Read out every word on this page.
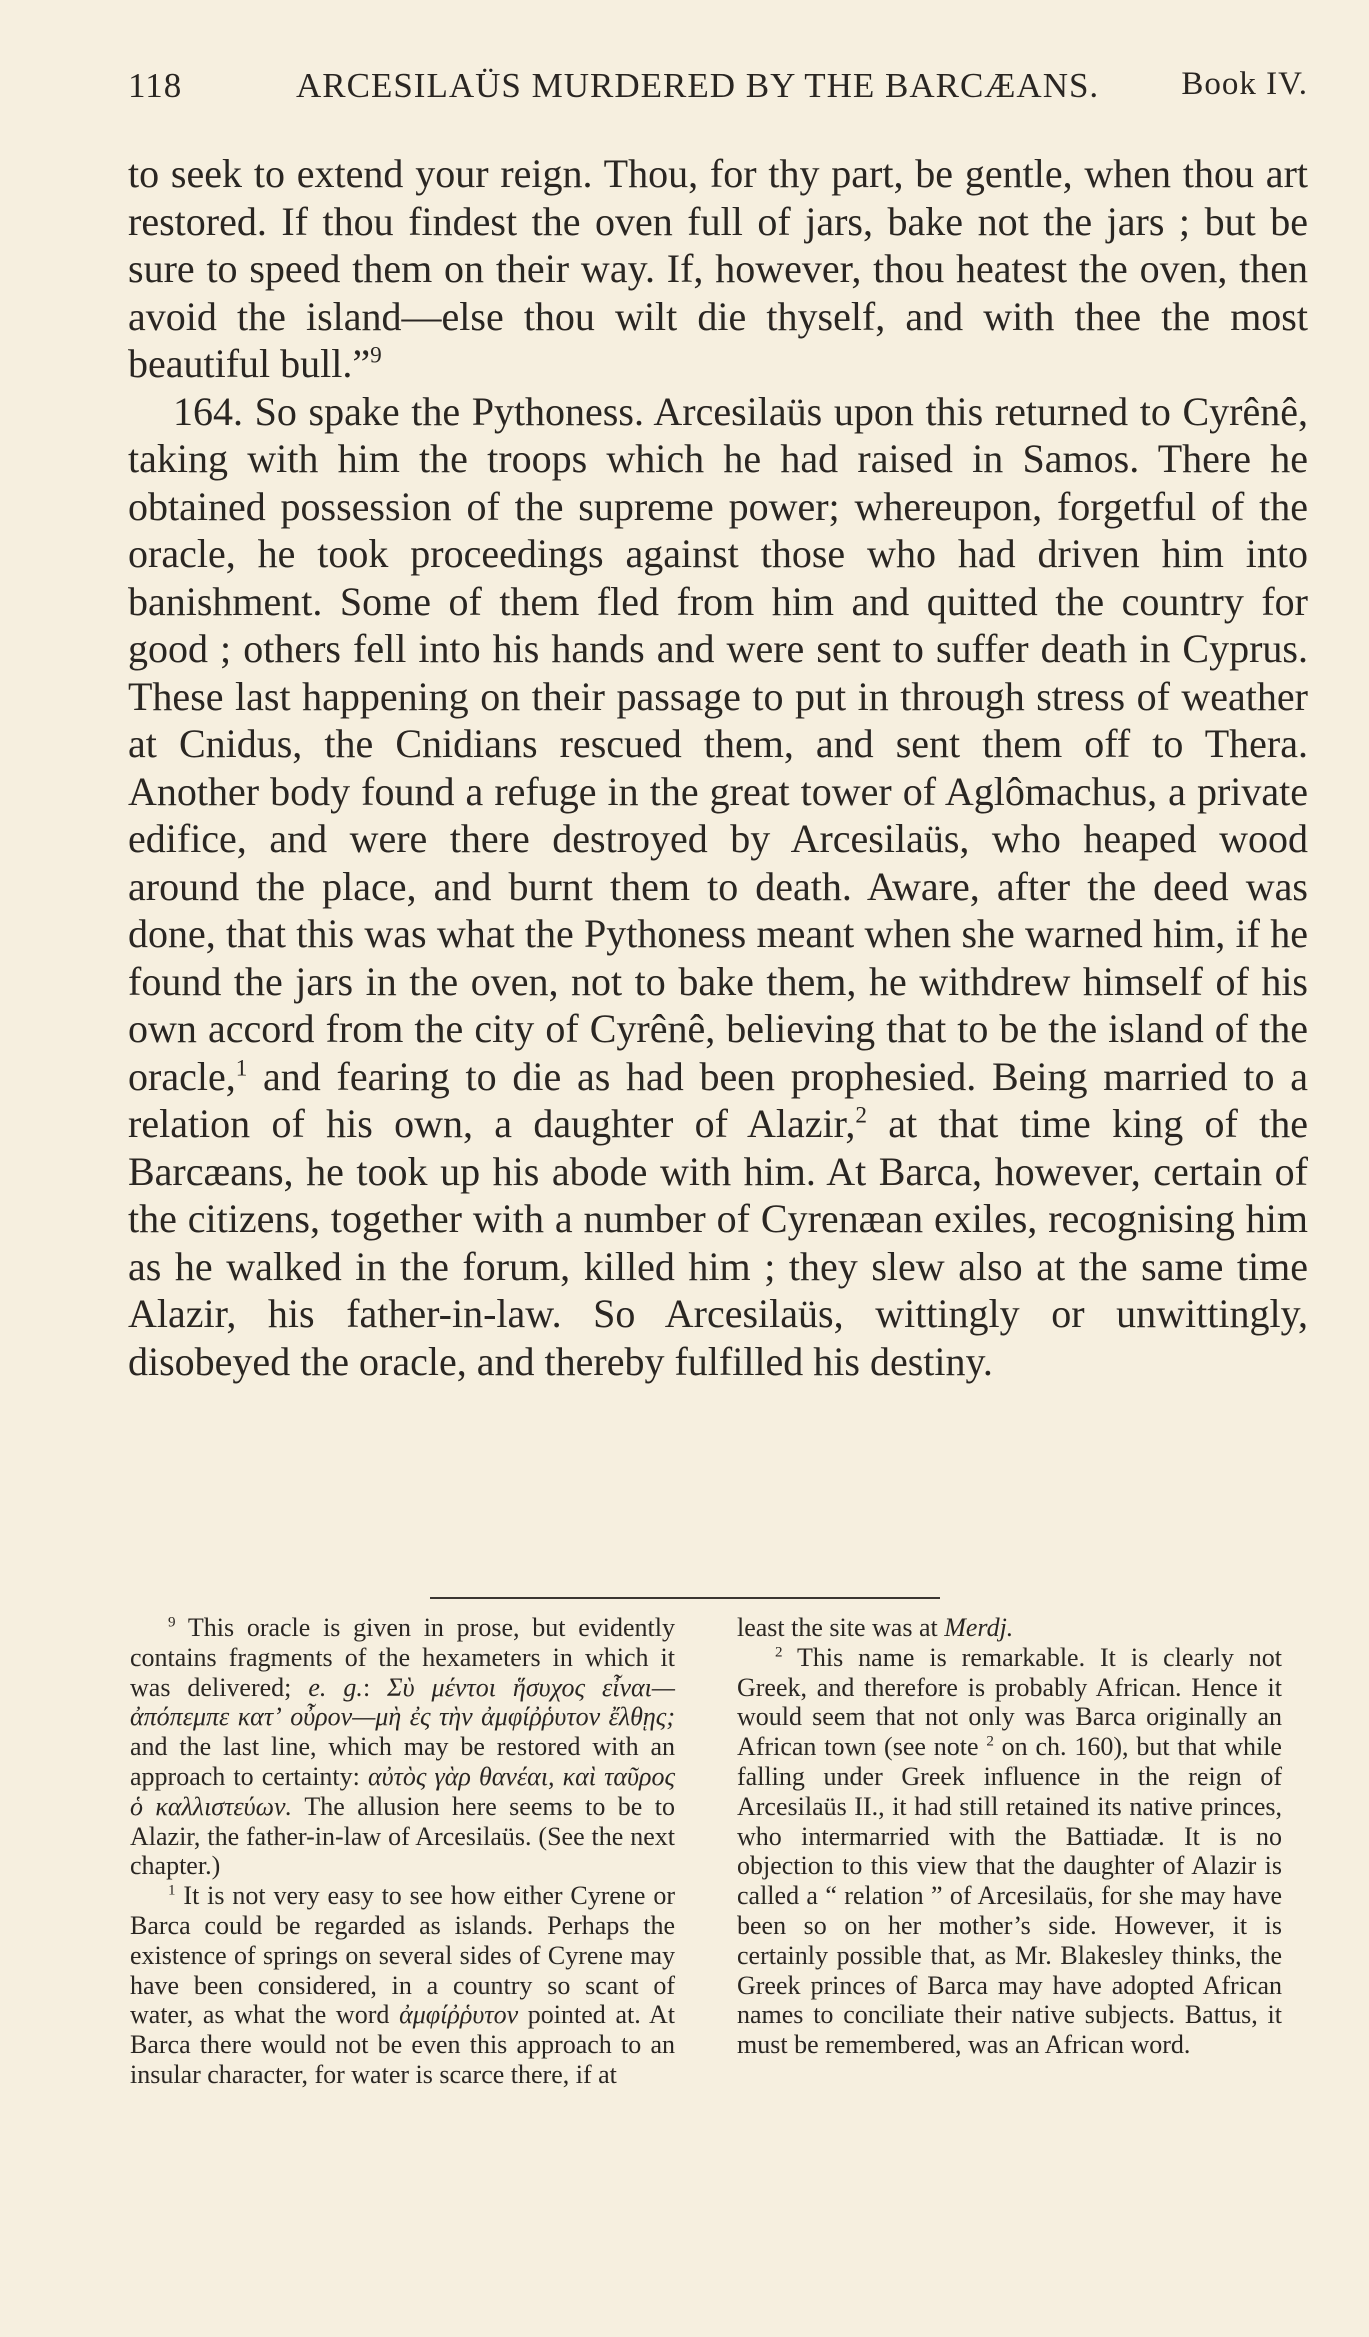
118	ARCESILAÜS MURDERED BY THE BARCÆANS. Book IV.

to seek to extend your reign. Thou, for thy part, be gentle, when thou art restored. If thou findest the oven full of jars, bake not the jars ; but be sure to speed them on their way. If, however, thou heatest the oven, then avoid the island—else thou wilt die thyself, and with thee the most beautiful bull.”$^9$

164. So spake the Pythoness. Arcesilaüs upon this returned to Cyrênê, taking with him the troops which he had raised in Samos. There he obtained possession of the supreme power; whereupon, forgetful of the oracle, he took proceedings against those who had driven him into banishment. Some of them fled from him and quitted the country for good ; others fell into his hands and were sent to suffer death in Cyprus. These last happening on their passage to put in through stress of weather at Cnidus, the Cnidians rescued them, and sent them off to Thera. Another body found a refuge in the great tower of Aglômachus, a private edifice, and were there destroyed by Arcesilaüs, who heaped wood around the place, and burnt them to death. Aware, after the deed was done, that this was what the Pythoness meant when she warned him, if he found the jars in the oven, not to bake them, he withdrew himself of his own accord from the city of Cyrênê, believing that to be the island of the oracle,$^1$ and fearing to die as had been prophesied. Being married to a relation of his own, a daughter of Alazir,$^2$ at that time king of the Barcæans, he took up his abode with him. At Barca, however, certain of the citizens, together with a number of Cyrenæan exiles, recognising him as he walked in the forum, killed him ; they slew also at the same time Alazir, his father-in-law. So Arcesilaüs, wittingly or unwittingly, disobeyed the oracle, and thereby fulfilled his destiny.

$^9$ This oracle is given in prose, but evidently contains fragments of the hexameters in which it was delivered; e. g.: Σὺ μέντοι ἥσυχος εἶναι—ἀπόπεμπε κατʼ οὖρον—μὴ ἐς τὴν ἀμφίῤῥυτον ἔλθῃς; and the last line, which may be restored with an approach to certainty: αὐτὸς γὰρ θανέαι, καὶ ταῦρος ὁ καλλιστεύων. The allusion here seems to be to Alazir, the father-in-law of Arcesilaüs. (See the next chapter.)

$^1$ It is not very easy to see how either Cyrene or Barca could be regarded as islands. Perhaps the existence of springs on several sides of Cyrene may have been considered, in a country so scant of water, as what the word ἀμφίῤῥυτον pointed at. At Barca there would not be even this approach to an insular character, for water is scarce there, if at

least the site was at Merdj.

$^2$ This name is remarkable. It is clearly not Greek, and therefore is probably African. Hence it would seem that not only was Barca originally an African town (see note $^2$ on ch. 160), but that while falling under Greek influence in the reign of Arcesilaüs II., it had still retained its native princes, who intermarried with the Battiadæ. It is no objection to this view that the daughter of Alazir is called a “ relation ” of Arcesilaüs, for she may have been so on her mother’s side. However, it is certainly possible that, as Mr. Blakesley thinks, the Greek princes of Barca may have adopted African names to conciliate their native subjects. Battus, it must be remembered, was an African word.
